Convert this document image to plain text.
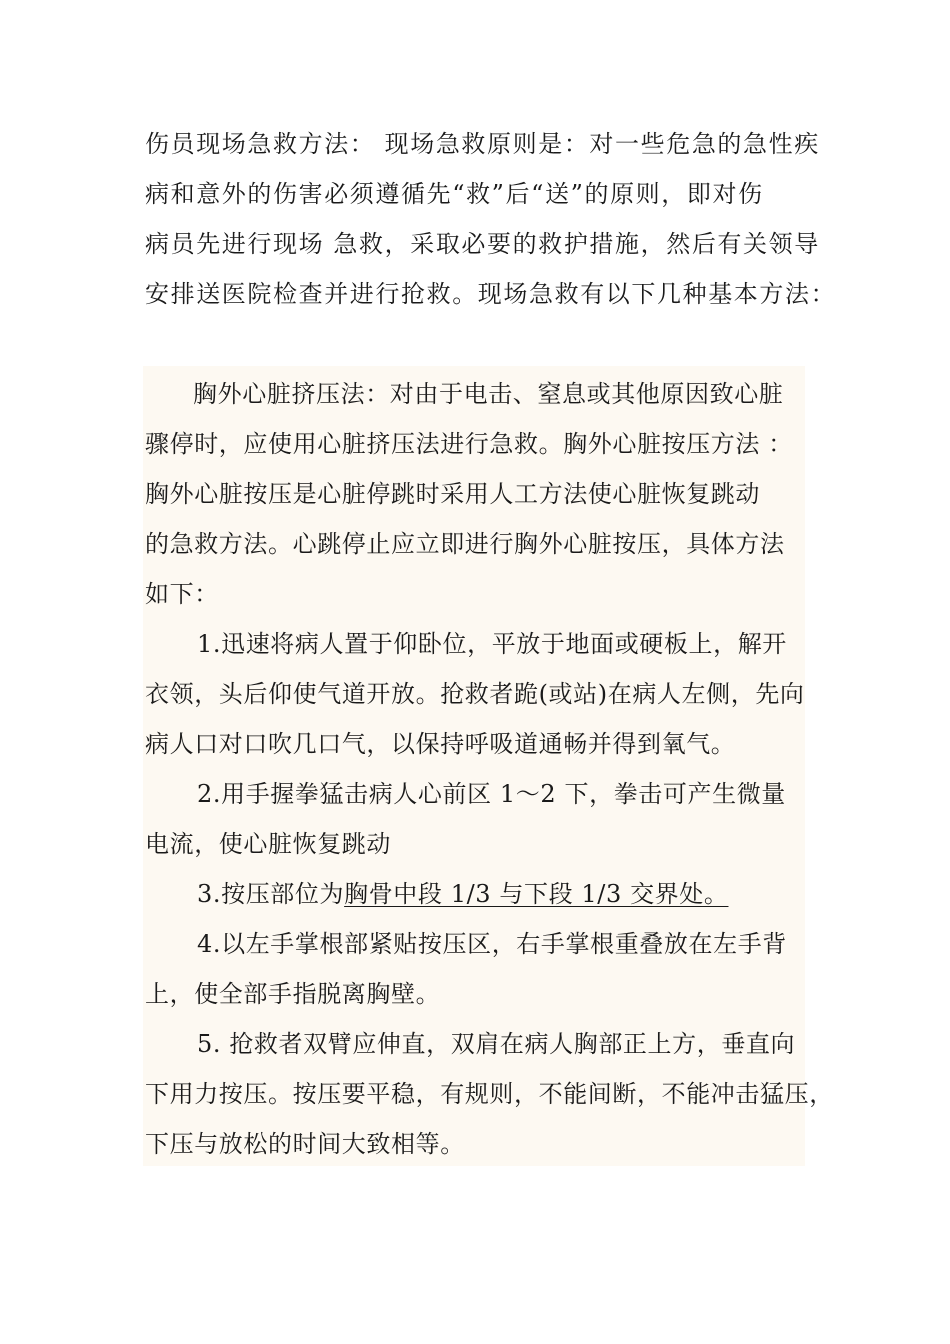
伤员现场急救方法： 现场急救原则是：对一些危急的急性疾
病和意外的伤害必须遵循先“救”后“送”的原则，即对伤
病员先进行现场 急救，采取必要的救护措施，然后有关领导
安排送医院检查并进行抢救。现场急救有以下几种基本方法：
胸外心脏挤压法：对由于电击、窒息或其他原因致心脏
骤停时，应使用心脏挤压法进行急救。胸外心脏按压方法 ：
胸外心脏按压是心脏停跳时采用人工方法使心脏恢复跳动
的急救方法。心跳停止应立即进行胸外心脏按压，具体方法
如下：
1.迅速将病人置于仰卧位，平放于地面或硬板上，解开
衣领，头后仰使气道开放。抢救者跪(或站)在病人左侧，先向
病人口对口吹几口气，以保持呼吸道通畅并得到氧气。
2.用手握拳猛击病人心前区 1～2 下，拳击可产生微量
电流，使心脏恢复跳动
3.按压部位为胸骨中段 1/3 与下段 1/3 交界处。
4.以左手掌根部紧贴按压区，右手掌根重叠放在左手背
上，使全部手指脱离胸壁。
5. 抢救者双臂应伸直，双肩在病人胸部正上方，垂直向
下用力按压。按压要平稳，有规则，不能间断，不能冲击猛压，
下压与放松的时间大致相等。
